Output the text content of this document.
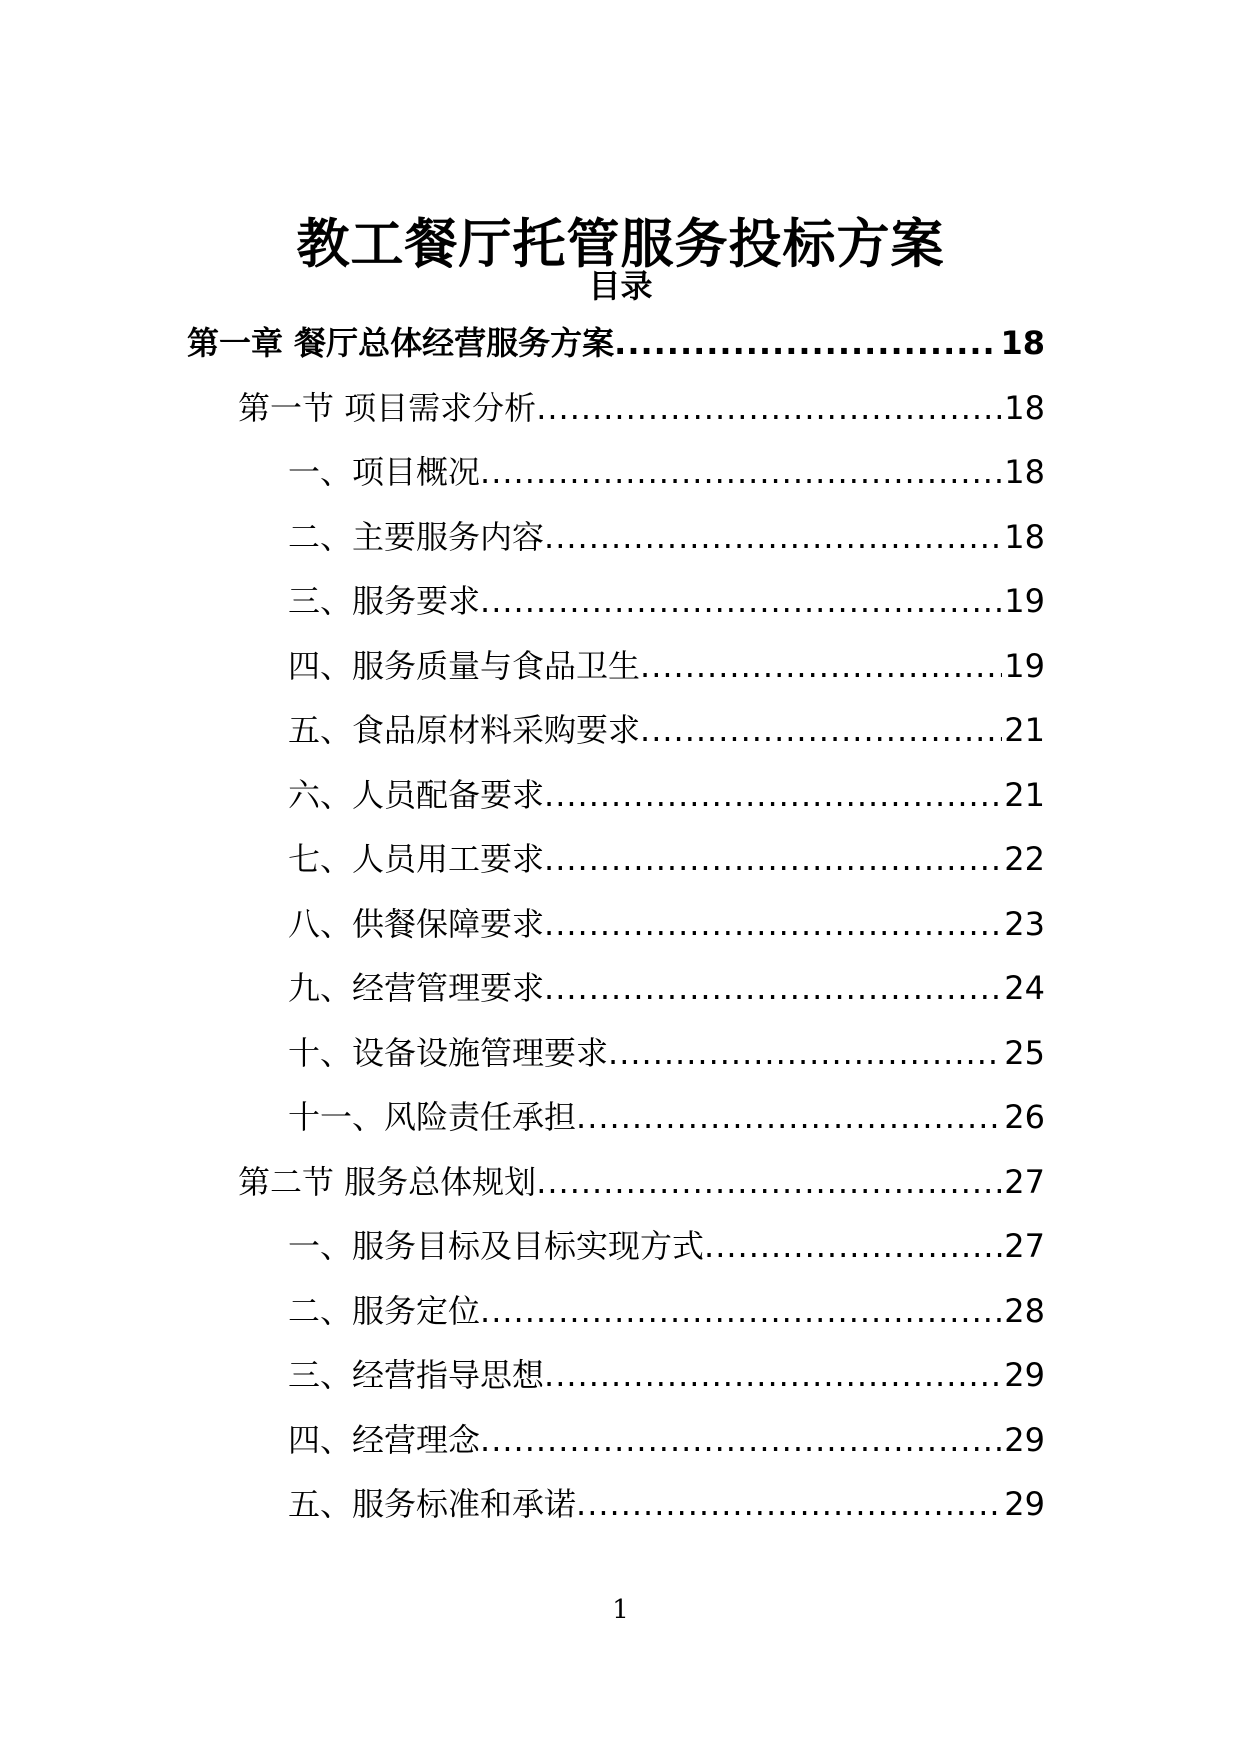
教工餐厅托管服务投标方案
目录
第一章 餐厅总体经营服务方案 .....	18
第一节 项目需求分析 .....	18
一、项目概况 .....	18
二、主要服务内容 .....	18
三、服务要求 .....	19
四、服务质量与食品卫生 .....	19
五、食品原材料采购要求 .....	21
六、人员配备要求 .....	21
七、人员用工要求 .....	22
八、供餐保障要求 .....	23
九、经营管理要求 .....	24
十、设备设施管理要求 .....	25
十一、风险责任承担 .....	26
第二节 服务总体规划 .....	27
一、服务目标及目标实现方式 .....	27
二、服务定位 .....	28
三、经营指导思想 .....	29
四、经营理念 .....	29
五、服务标准和承诺 .....	29
1
